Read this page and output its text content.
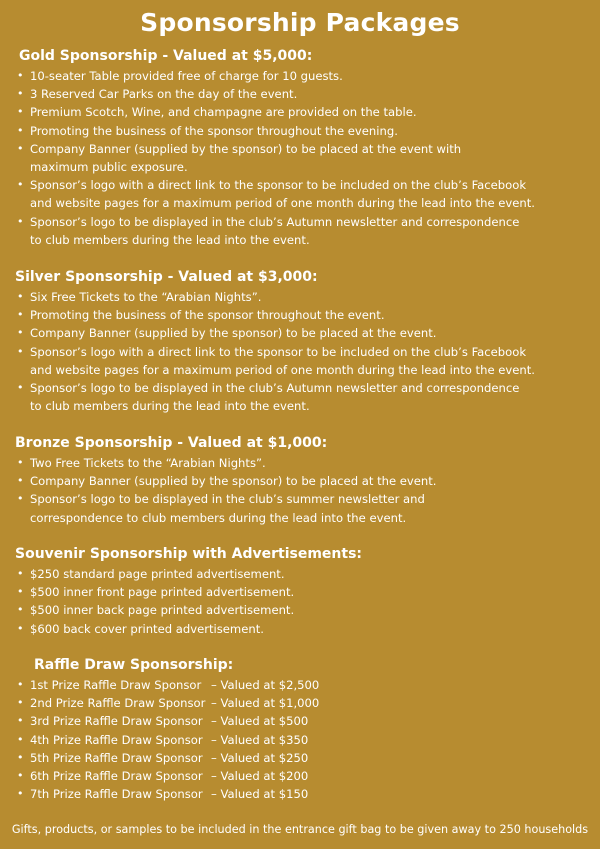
Sponsorship Packages
Gold Sponsorship - Valued at $5,000:
• 10-seater Table provided free of charge for 10 guests.
• 3 Reserved Car Parks on the day of the event.
• Premium Scotch, Wine, and champagne are provided on the table.
• Promoting the business of the sponsor throughout the evening.
• Company Banner (supplied by the sponsor) to be placed at the event with maximum public exposure.
• Sponsor’s logo with a direct link to the sponsor to be included on the club’s Facebook and website pages for a maximum period of one month during the lead into the event.
• Sponsor’s logo to be displayed in the club’s Autumn newsletter and correspondence to club members during the lead into the event.
Silver Sponsorship - Valued at $3,000:
• Six Free Tickets to the “Arabian Nights”.
• Promoting the business of the sponsor throughout the event.
• Company Banner (supplied by the sponsor) to be placed at the event.
• Sponsor’s logo with a direct link to the sponsor to be included on the club’s Facebook and website pages for a maximum period of one month during the lead into the event.
• Sponsor’s logo to be displayed in the club’s Autumn newsletter and correspondence to club members during the lead into the event.
Bronze Sponsorship - Valued at $1,000:
• Two Free Tickets to the “Arabian Nights”.
• Company Banner (supplied by the sponsor) to be placed at the event.
• Sponsor’s logo to be displayed in the club’s summer newsletter and correspondence to club members during the lead into the event.
Souvenir Sponsorship with Advertisements:
• $250 standard page printed advertisement.
• $500 inner front page printed advertisement.
• $500 inner back page printed advertisement.
• $600 back cover printed advertisement.
Raffle Draw Sponsorship:
• 1st Prize Raffle Draw Sponsor – Valued at $2,500
• 2nd Prize Raffle Draw Sponsor – Valued at $1,000
• 3rd Prize Raffle Draw Sponsor – Valued at $500
• 4th Prize Raffle Draw Sponsor – Valued at $350
• 5th Prize Raffle Draw Sponsor – Valued at $250
• 6th Prize Raffle Draw Sponsor – Valued at $200
• 7th Prize Raffle Draw Sponsor – Valued at $150
Gifts, products, or samples to be included in the entrance gift bag to be given away to 250 households
